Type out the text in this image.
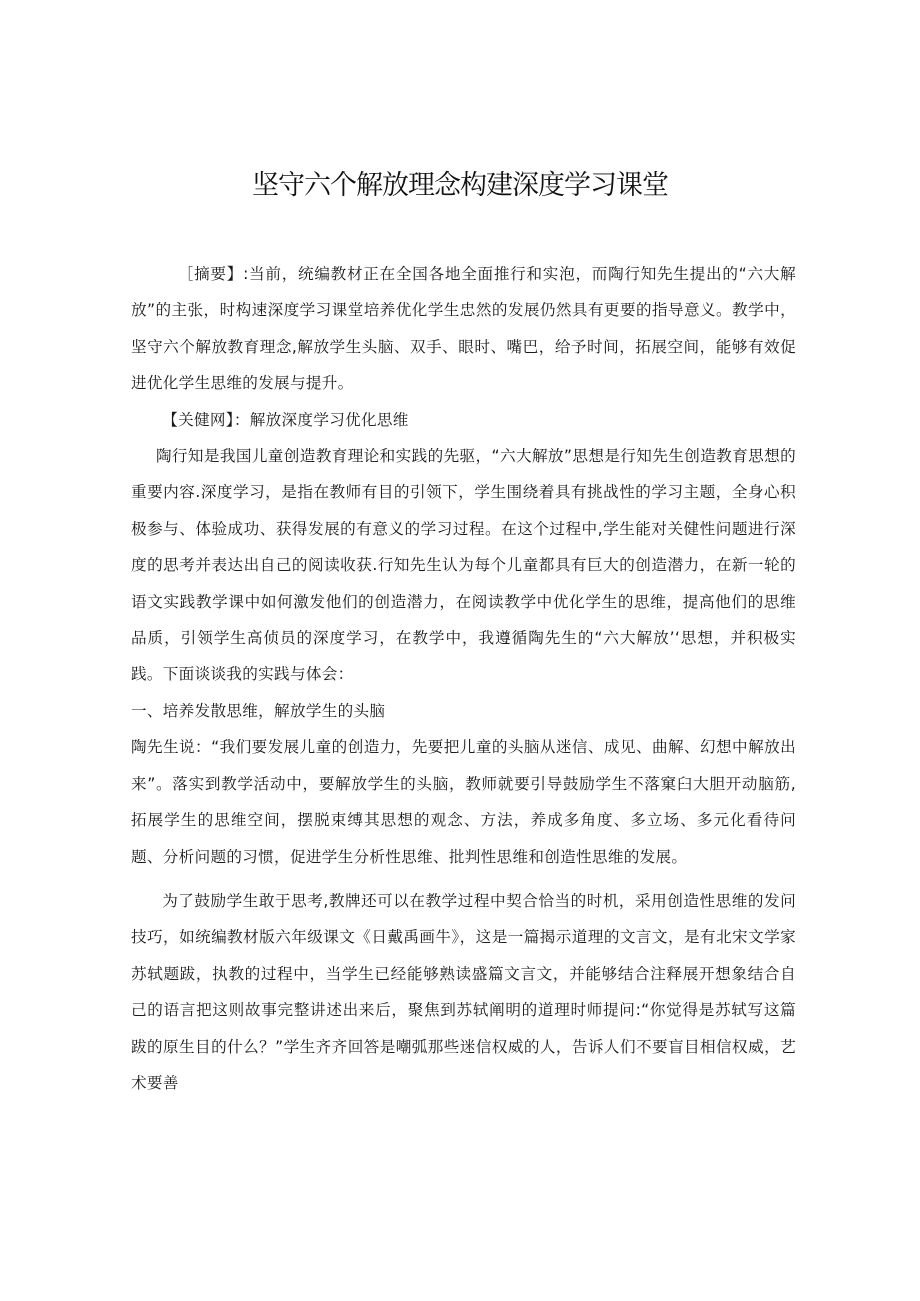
坚守六个解放理念构建深度学习课堂

［摘要】:当前，统编教材正在全国各地全面推行和实泡，而陶行知先生提出的“六大解放”的主张，时构速深度学习课堂培养优化学生忠然的发展仍然具有更要的指导意义。教学中，坚守六个解放教育理念,解放学生头脑、双手、眼时、嘴巴，给予时间，拓展空间，能够有效促进优化学生思维的发展与提升。

【关健网】：解放深度学习优化思维

陶行知是我国儿童创造教育理论和实践的先驱，“六大解放”思想是行知先生创造教育思想的重要内容.深度学习，是指在教师有目的引领下，学生围绕着具有挑战性的学习主题，全身心积极参与、体验成功、获得发展的有意义的学习过程。在这个过程中,学生能对关健性问题进行深度的思考并表达出自己的阅读收获.行知先生认为每个儿童都具有巨大的创造潜力，在新一轮的语文实践教学课中如何激发他们的创造潜力，在阅读教学中优化学生的思维，提高他们的思维品质，引领学生高侦员的深度学习，在教学中，我遵循陶先生的“六大解放’‘思想，并积极实践。下面谈谈我的实践与体会：

一、培养发散思维，解放学生的头脑

陶先生说：“我们要发展儿童的创造力，先要把儿童的头脑从迷信、成见、曲解、幻想中解放出来”。落实到教学活动中，要解放学生的头脑，教师就要引导鼓励学生不落窠臼大胆开动脑筋,拓展学生的思维空间，摆脱束缚其思想的观念、方法，养成多角度、多立场、多元化看待问题、分析问题的习惯，促进学生分析性思维、批判性思维和创造性思维的发展。

为了鼓励学生敢于思考,教牌还可以在教学过程中契合恰当的时机，采用创造性思维的发问技巧，如统编教材版六年级课文《日戴禹画牛》，这是一篇揭示道理的文言文，是有北宋文学家苏轼题跋，执教的过程中，当学生已经能够熟读盛篇文言文，并能够结合注释展开想象结合自己的语言把这则故事完整讲述出来后，聚焦到苏轼阐明的道理时师提问:“你觉得是苏轼写这篇跋的原生目的什么？”学生齐齐回答是嘲弧那些迷信权威的人，告诉人们不要盲目相信权威，艺术要善
